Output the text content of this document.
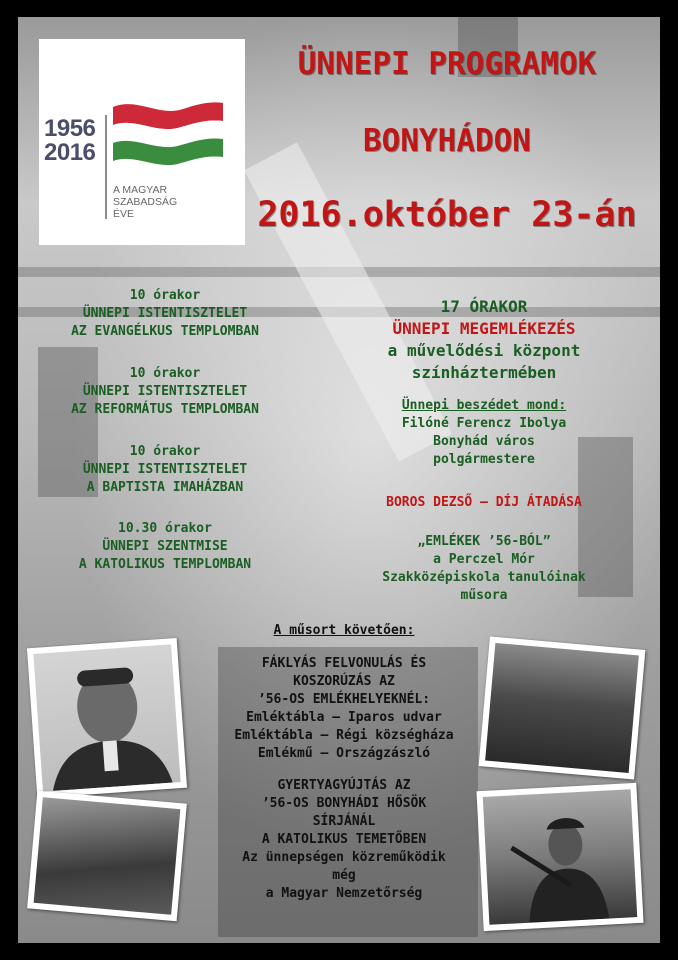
1956
2016
A MAGYAR
SZABADSÁG
ÉVE
ÜNNEPI PROGRAMOK
BONYHÁDON
2016.október 23-án
10 órakor
ÜNNEPI ISTENTISZTELET
AZ EVANGÉLKUS TEMPLOMBAN
10 órakor
ÜNNEPI ISTENTISZTELET
AZ REFORMÁTUS TEMPLOMBAN
10 órakor
ÜNNEPI ISTENTISZTELET
A BAPTISTA IMAHÁZBAN
10.30 órakor
ÜNNEPI SZENTMISE
A KATOLIKUS TEMPLOMBAN
17 ÓRAKOR
ÜNNEPI MEGEMLÉKEZÉS
a művelődési központ
színháztermében
Ünnepi beszédet mond:
Filóné Ferencz Ibolya
Bonyhád város
polgármestere
BOROS DEZSŐ — DÍJ ÁTADÁSA
„EMLÉKEK ’56-BÓL”
a Perczel Mór
Szakközépiskola tanulóinak
műsora
A műsort követően:
FÁKLYÁS FELVONULÁS ÉS
KOSZORÚZÁS AZ
’56-OS EMLÉKHELYEKNÉL:
Emléktábla — Iparos udvar
Emléktábla — Régi községháza
Emlékmű — Országzászló
GYERTYAGYÚJTÁS AZ
’56-OS BONYHÁDI HŐSÖK
SÍRJÁNÁL
A KATOLIKUS TEMETŐBEN
Az ünnepségen közreműködik
még
a Magyar Nemzetőrség
